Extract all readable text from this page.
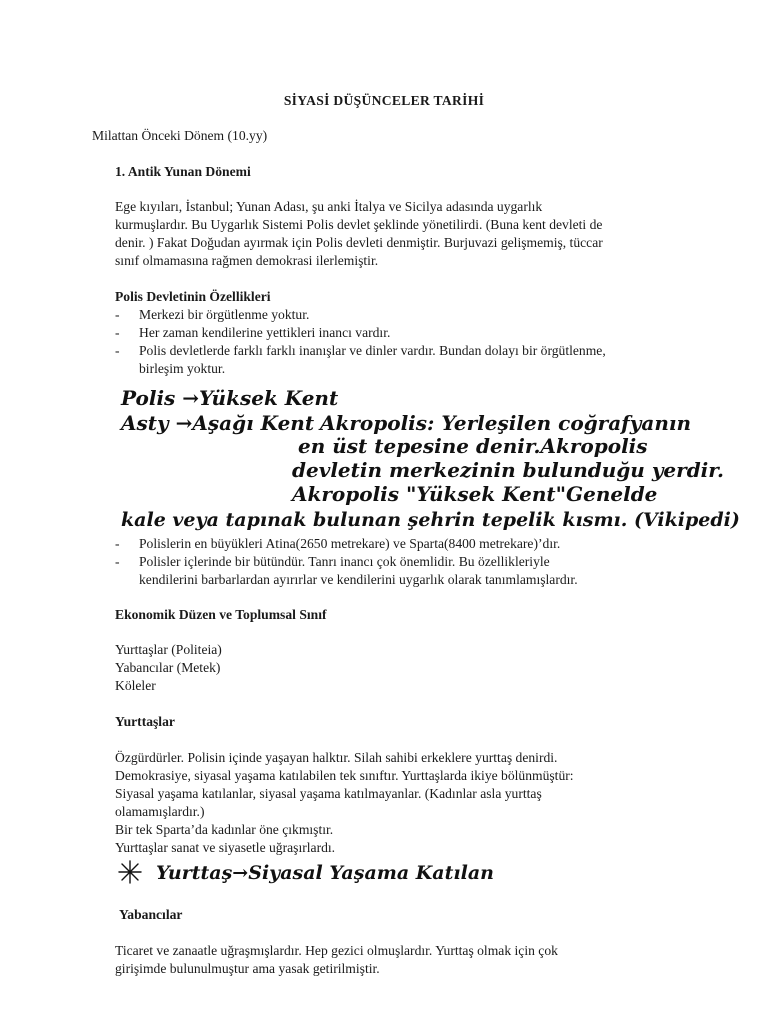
SİYASİ DÜŞÜNCELER TARİHİ
Milattan Önceki Dönem (10.yy)
1. Antik Yunan Dönemi
Ege kıyıları, İstanbul; Yunan Adası, şu anki İtalya ve Sicilya adasında uygarlık
kurmuşlardır. Bu Uygarlık Sistemi Polis devlet şeklinde yönetilirdi. (Buna kent devleti de
denir. ) Fakat Doğudan ayırmak için Polis devleti denmiştir. Burjuvazi gelişmemiş, tüccar
sınıf olmamasına rağmen demokrasi ilerlemiştir.
Polis Devletinin Özellikleri
- Merkezi bir örgütlenme yoktur.
- Her zaman kendilerine yettikleri inancı vardır.
- Polis devletlerde farklı farklı inanışlar ve dinler vardır. Bundan dolayı bir örgütlenme,
birleşim yoktur.
Polis →Yüksek Kent
Asty →Aşağı Kent Akropolis: Yerleşilen coğrafyanın
en üst tepesine denir.Akropolis
devletin merkezinin bulunduğu yerdir.
Akropolis "Yüksek Kent"Genelde
kale veya tapınak bulunan şehrin tepelik kısmı. (Vikipedi)
- Polislerin en büyükleri Atina(2650 metrekare) ve Sparta(8400 metrekare)’dır.
- Polisler içlerinde bir bütündür. Tanrı inancı çok önemlidir. Bu özellikleriyle
kendilerini barbarlardan ayırırlar ve kendilerini uygarlık olarak tanımlamışlardır.
Ekonomik Düzen ve Toplumsal Sınıf
Yurttaşlar (Politeia)
Yabancılar (Metek)
Köleler
Yurttaşlar
Özgürdürler. Polisin içinde yaşayan halktır. Silah sahibi erkeklere yurttaş denirdi.
Demokrasiye, siyasal yaşama katılabilen tek sınıftır. Yurttaşlarda ikiye bölünmüştür:
Siyasal yaşama katılanlar, siyasal yaşama katılmayanlar. (Kadınlar asla yurttaş
olamamışlardır.)
Bir tek Sparta’da kadınlar öne çıkmıştır.
Yurttaşlar sanat ve siyasetle uğraşırlardı.
Yurttaş→Siyasal Yaşama Katılan
Yabancılar
Ticaret ve zanaatle uğraşmışlardır. Hep gezici olmuşlardır. Yurttaş olmak için çok
girişimde bulunulmuştur ama yasak getirilmiştir.
